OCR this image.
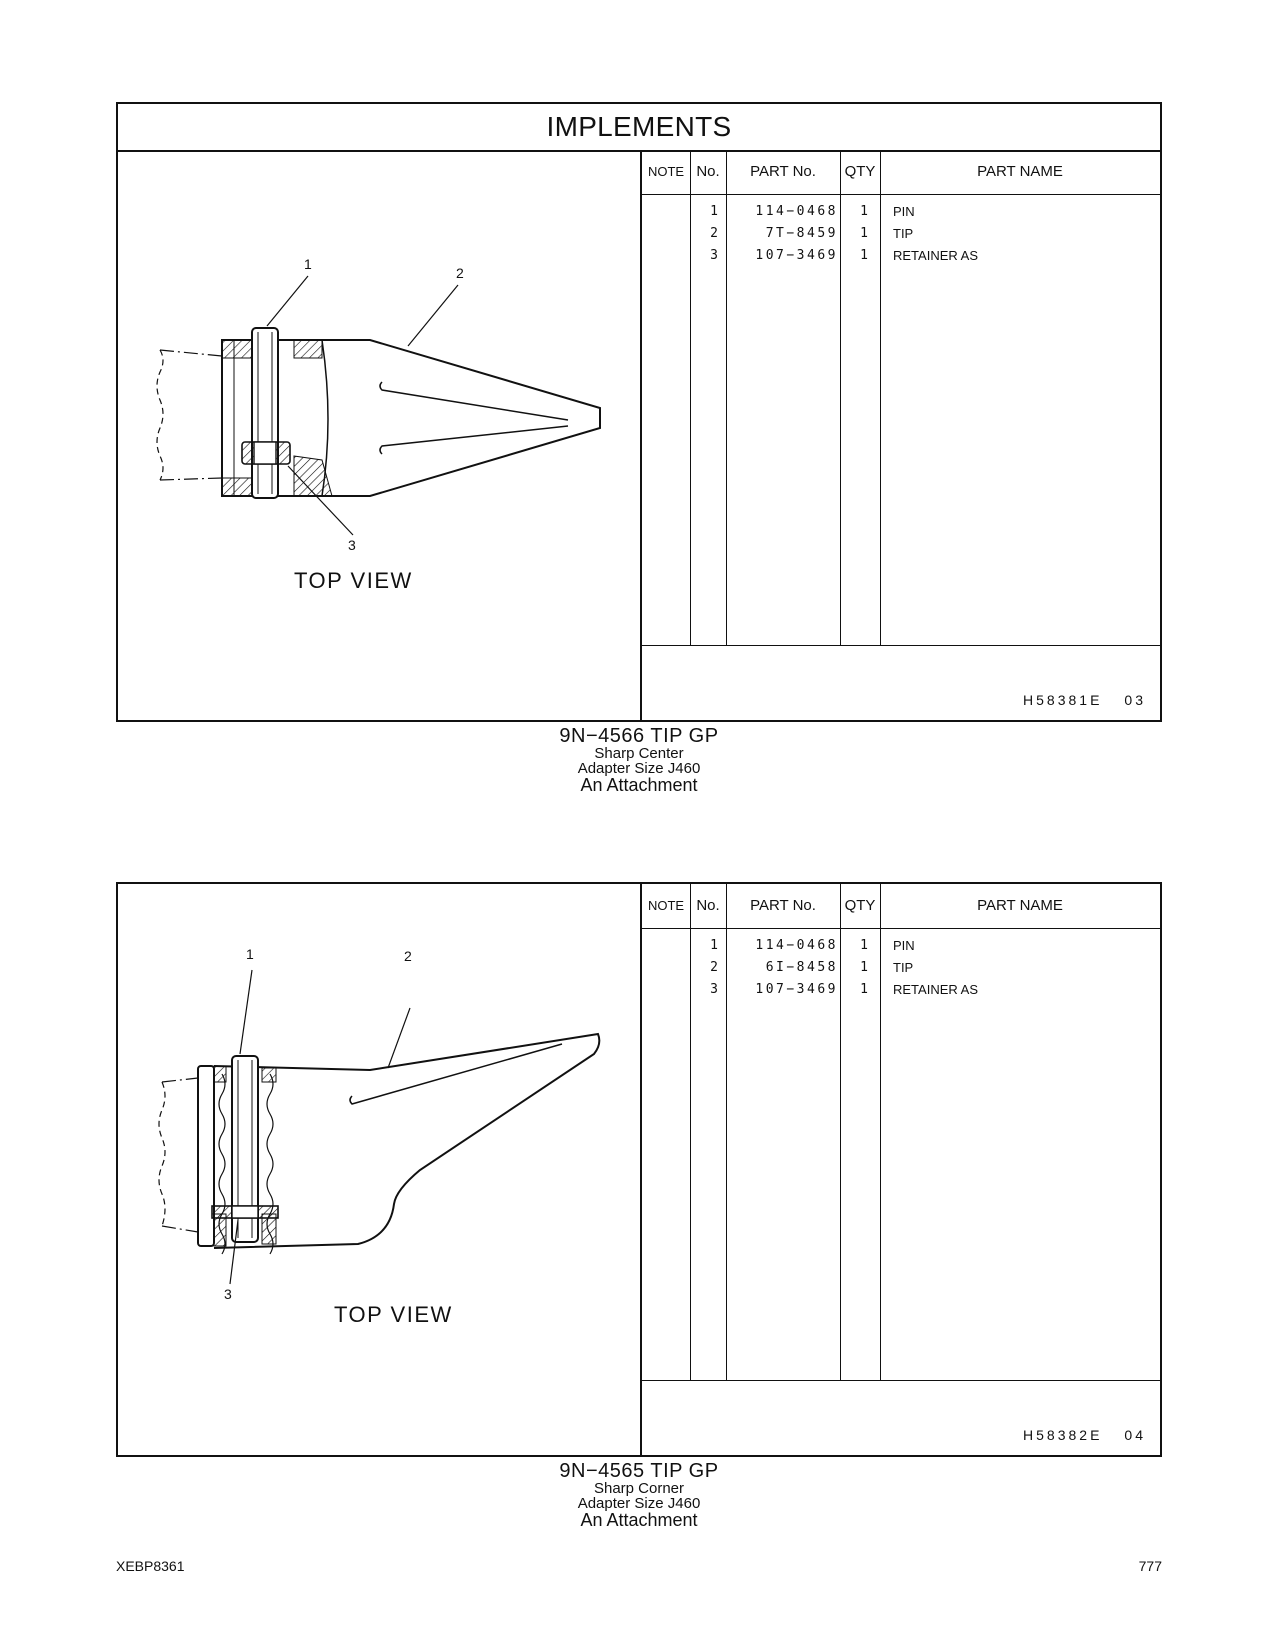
IMPLEMENTS
1
2
3
TOP VIEW
NOTE No.	PART No.	QTY	PART NAME
1	114−0468	1 PIN
2	7T−8459	1 TIP
3	107−3469	1 RETAINER AS
H58381E 03
9N−4566 TIP GP
Sharp Center
Adapter Size J460
An Attachment
1	2
3
TOP VIEW
NOTE No.	PART No.	QTY	PART NAME
1	114−0468	1 PIN
2	6I−8458	1 TIP
3	107−3469	1 RETAINER AS
H58382E 04
9N−4565 TIP GP
Sharp Corner
Adapter Size J460
An Attachment
XEBP8361	777
